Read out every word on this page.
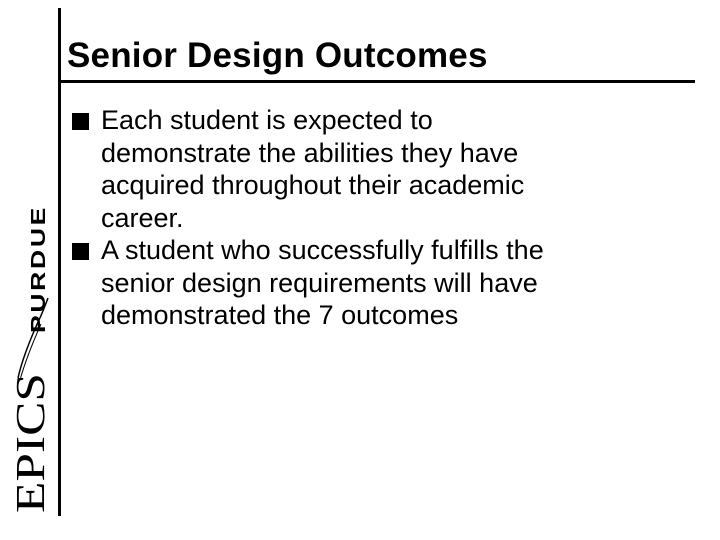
EPICS
PURDUE
Senior Design Outcomes
Each student is expected to
demonstrate the abilities they have
acquired throughout their academic
career.
A student who successfully fulfills the
senior design requirements will have
demonstrated the 7 outcomes
